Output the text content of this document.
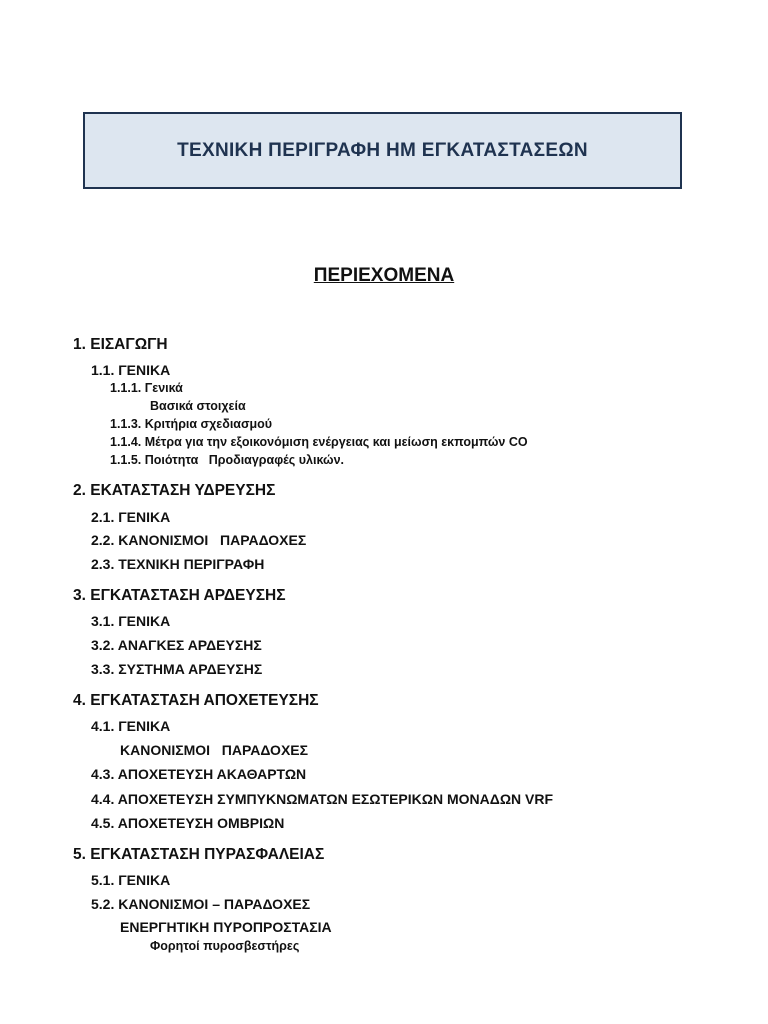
ΤΕΧΝΙΚΗ ΠΕΡΙΓΡΑΦΗ ΗΜ ΕΓΚΑΤΑΣΤΑΣΕΩΝ
ΠΕΡΙΕΧΟΜΕΝΑ
1. ΕΙΣΑΓΩΓΗ
1.1. ΓΕΝΙΚΑ
1.1.1. Γενικά
Βασικά στοιχεία
1.1.3. Κριτήρια σχεδιασμού
1.1.4. Μέτρα για την εξοικονόμιση ενέργειας και μείωση εκπομπών CO
1.1.5. Ποιότητα   Προδιαγραφές υλικών.
2. ΕΚΑΤΑΣΤΑΣΗ ΥΔΡΕΥΣΗΣ
2.1. ΓΕΝΙΚΑ
2.2. ΚΑΝΟΝΙΣΜΟΙ   ΠΑΡΑΔΟΧΕΣ
2.3. ΤΕΧΝΙΚΗ ΠΕΡΙΓΡΑΦΗ
3. ΕΓΚΑΤΑΣΤΑΣΗ ΑΡΔΕΥΣΗΣ
3.1. ΓΕΝΙΚΑ
3.2. ΑΝΑΓΚΕΣ ΑΡΔΕΥΣΗΣ
3.3. ΣΥΣΤΗΜΑ ΑΡΔΕΥΣΗΣ
4. ΕΓΚΑΤΑΣΤΑΣΗ ΑΠΟΧΕΤΕΥΣΗΣ
4.1. ΓΕΝΙΚΑ
ΚΑΝΟΝΙΣΜΟΙ   ΠΑΡΑΔΟΧΕΣ
4.3. ΑΠΟΧΕΤΕΥΣΗ ΑΚΑΘΑΡΤΩΝ
4.4. ΑΠΟΧΕΤΕΥΣΗ ΣΥΜΠΥΚΝΩΜΑΤΩΝ ΕΣΩΤΕΡΙΚΩΝ ΜΟΝΑΔΩΝ VRF
4.5. ΑΠΟΧΕΤΕΥΣΗ ΟΜΒΡΙΩΝ
5. ΕΓΚΑΤΑΣΤΑΣΗ ΠΥΡΑΣΦΑΛΕΙΑΣ
5.1. ΓΕΝΙΚΑ
5.2. ΚΑΝΟΝΙΣΜΟΙ – ΠΑΡΑΔΟΧΕΣ
ΕΝΕΡΓΗΤΙΚΗ ΠΥΡΟΠΡΟΣΤΑΣΙΑ
Φορητοί πυροσβεστήρες
